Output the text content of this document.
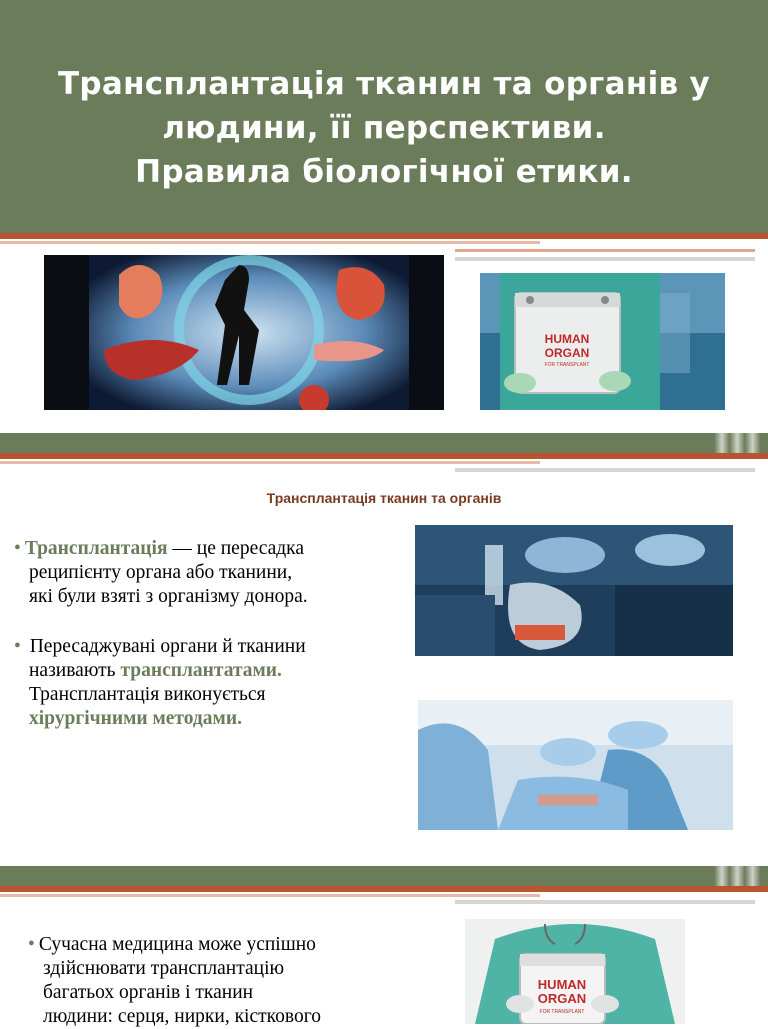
Трансплантація тканин та органів у
людини, її перспективи.
Правила біологічної етики.
HUMAN
ORGAN
FOR TRANSPLANT
Трансплантація тканин та органів
• Трансплантація — це пересадка
реципієнту органа або тканини,
які були взяті з організму донора.
• Пересаджувані органи й тканини
називають трансплантатами.
Трансплантація виконується
хірургічними методами.
• Сучасна медицина може успішно
здійснювати трансплантацію
багатьох органів і тканин
людини: серця, нирки, кісткового
HUMAN
ORGAN
FOR TRANSPLANT
